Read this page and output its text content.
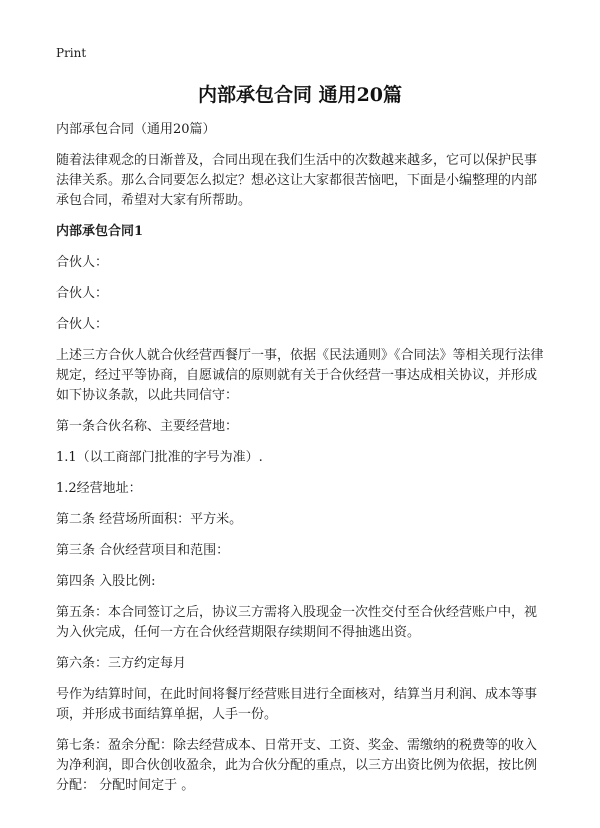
Print
内部承包合同 通用20篇

内部承包合同（通用20篇）

随着法律观念的日渐普及，合同出现在我们生活中的次数越来越多，它可以保护民事法律关系。那么合同要怎么拟定？想必这让大家都很苦恼吧，下面是小编整理的内部承包合同，希望对大家有所帮助。

内部承包合同1

合伙人：

合伙人：

合伙人：

上述三方合伙人就合伙经营西餐厅一事，依据《民法通则》《合同法》等相关现行法律规定，经过平等协商，自愿诚信的原则就有关于合伙经营一事达成相关协议，并形成如下协议条款，以此共同信守：

第一条合伙名称、主要经营地：

1.1（以工商部门批准的字号为准）.

1.2经营地址：

第二条 经营场所面积：平方米。

第三条 合伙经营项目和范围：

第四条 入股比例:

第五条：本合同签订之后，协议三方需将入股现金一次性交付至合伙经营账户中，视为入伙完成，任何一方在合伙经营期限存续期间不得抽逃出资。

第六条：三方约定每月

号作为结算时间，在此时间将餐厅经营账目进行全面核对，结算当月利润、成本等事项，并形成书面结算单据，人手一份。

第七条：盈余分配：除去经营成本、日常开支、工资、奖金、需缴纳的税费等的收入为净利润，即合伙创收盈余，此为合伙分配的重点，以三方出资比例为依据，按比例分配： 分配时间定于 。
